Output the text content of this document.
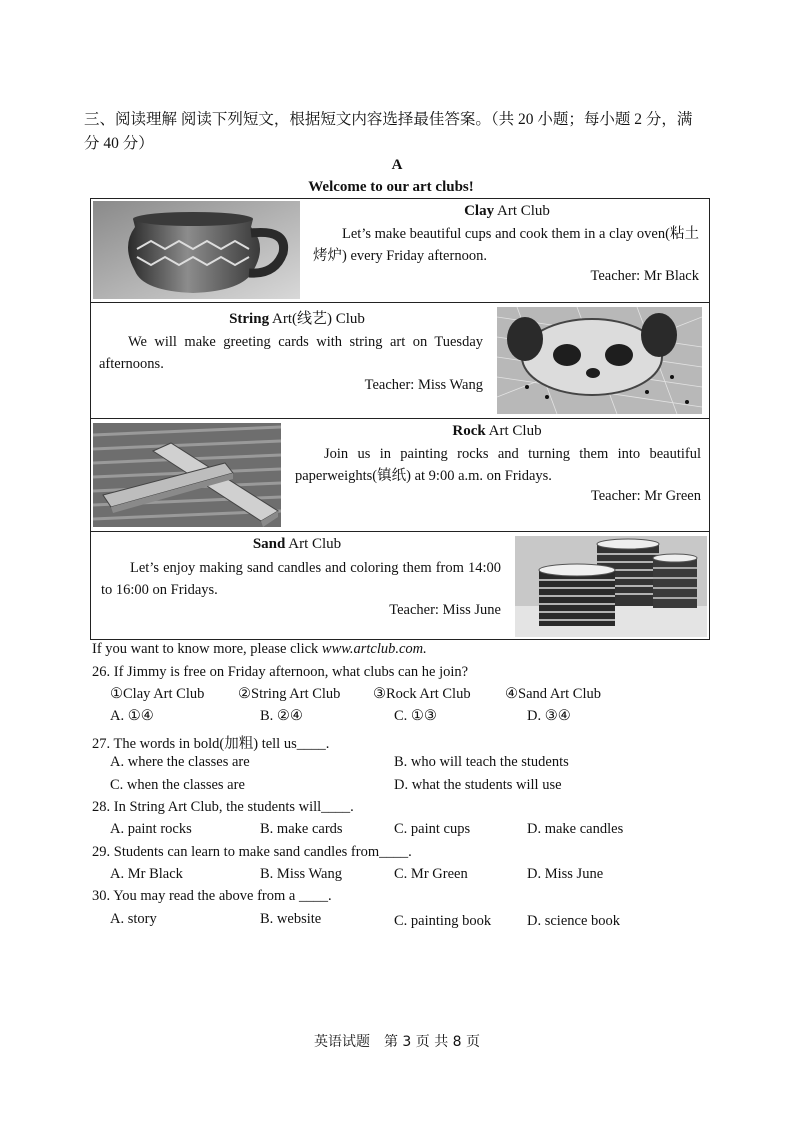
三、阅读理解 阅读下列短文，根据短文内容选择最佳答案。（共 20 小题；每小题 2 分，满分 40 分）
A
Welcome to our art clubs!
Clay Art Club
Let’s make beautiful cups and cook them in a clay oven(粘土烤炉) every Friday afternoon.
Teacher: Mr Black
String Art(线艺) Club
We will make greeting cards with string art on Tuesday afternoons.
Teacher: Miss Wang
Rock Art Club
Join us in painting rocks and turning them into beautiful paperweights(镇纸) at 9:00 a.m. on Fridays.
Teacher: Mr Green
Sand Art Club
Let’s enjoy making sand candles and coloring them from 14:00 to 16:00 on Fridays.
Teacher: Miss June
If you want to know more, please click www.artclub.com.
26. If Jimmy is free on Friday afternoon, what clubs can he join?
①Clay Art Club ②String Art Club ③Rock Art Club ④Sand Art Club
A. ①④	B. ②④	C. ①③	D. ③④
27. The words in bold(加粗) tell us____.
A. where the classes are	B. who will teach the students
C. when the classes are	D. what the students will use
28. In String Art Club, the students will____.
A. paint rocks	B. make cards	C. paint cups	D. make candles
29. Students can learn to make sand candles from____.
A. Mr Black	B. Miss Wang	C. Mr Green	D. Miss June
30. You may read the above from a ____.
A. story	B. website	C. painting book D. science book
英语试题　第 3 页 共 8 页
